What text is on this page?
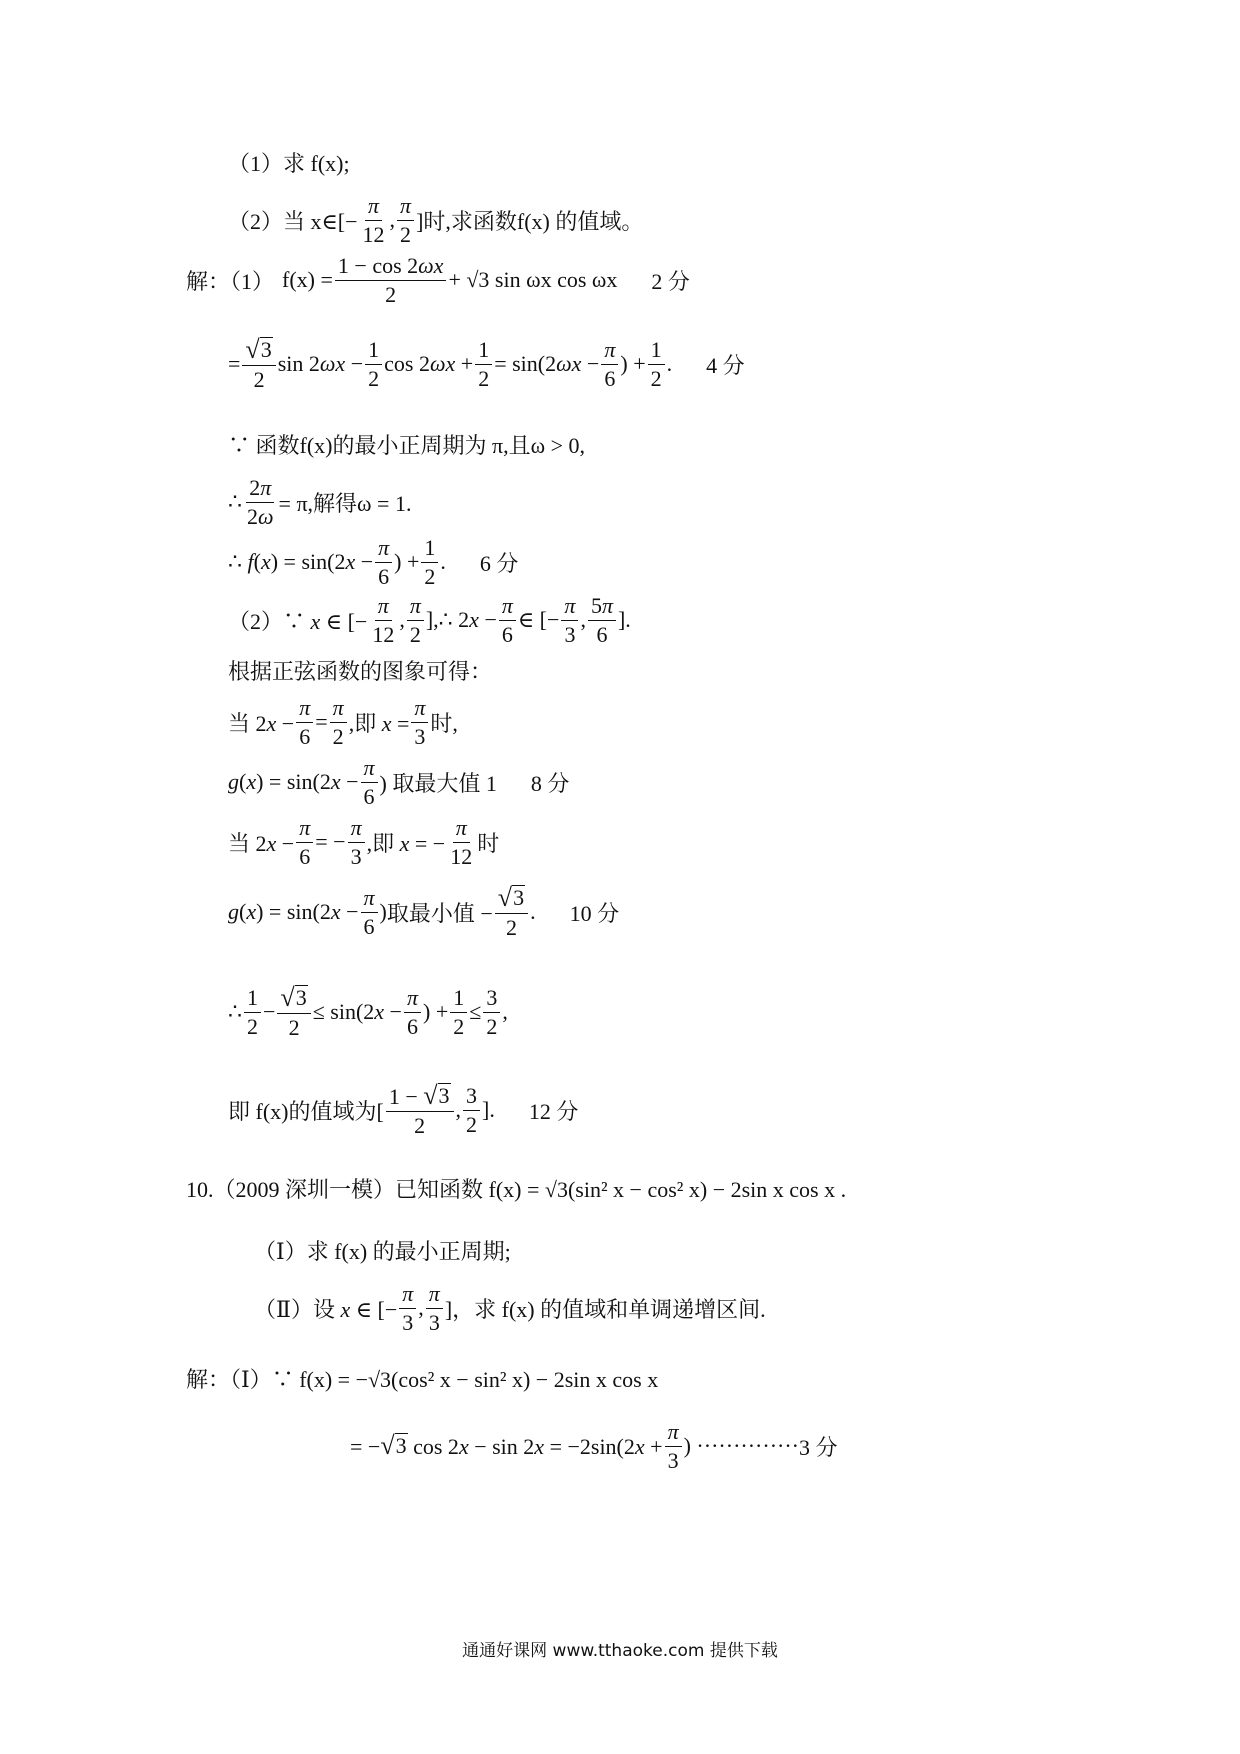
（1）求 f(x);
（2）当 x∈[− $\frac{\pi}{12}$ , $\frac{\pi}{2}$ ]时,求函数f(x) 的值域。
解：（1） $f(x) = \frac{1 - \cos 2\omega x}{2} + √3$ sin ωx cos ωx 2 分
= $\frac{√ 3}{2}$ $\sin 2\omega x - \frac{1}{2}$ $\cos 2\omega x + \frac{1}{2} = \sin(2\omega x - \frac{\pi}{6}$ ) + $\frac{1}{2}$ . 4 分
∵ 函数f(x)的最小正周期为 π,且ω > 0,
∴ $\frac{2\pi}{2\omega} = \pi$,解得ω = 1.
∴ $f(x) = \sin(2x - \frac{\pi}{6}$ ) + $\frac{1}{2}$ . 6 分
（2）∵ x ∈ [− $\frac{\pi}{12}$ , $\frac{\pi}{2}$ ],∴ $2x - \frac{\pi}{6}$ ∈ [− $\frac{\pi}{3}$ , $\frac{5\pi}{6}$ ].
根据正弦函数的图象可得：
当 $2x - \frac{\pi}{6} = \frac{\pi}{2}$ ,即 $x = \frac{\pi}{3}$ 时,
$g(x) = \sin(2x - \frac{\pi}{6}$ ) 取最大值 1 8 分
当 $2x - \frac{\pi}{6}$ = − $\frac{\pi}{3}$ ,即 x = − $\frac{\pi}{12}$ 时
$g(x) = \sin(2x - \frac{\pi}{6}$ ) 取最小值 − $\frac{√ 3}{2}$ . 10 分
∴ $\frac{1}{2} - \frac{√ 3}{2} \le \sin(2x - \frac{\pi}{6}$ ) + $\frac{1}{2} \le \frac{3}{2}$ ,
即 f(x)的值域为[ $\frac{1 - √ 3}{2}$ , $\frac{3}{2}$ ]. 12 分
10.（2009 深圳一模）已知函数 f(x) = √3(sin² x − cos² x) − 2sin x cos x .
（Ⅰ）求 f(x) 的最小正周期;
（Ⅱ）设 x ∈ [− $\frac{\pi}{3}$ , $\frac{\pi}{3}$ ]，求 f(x) 的值域和单调递增区间.
解：（Ⅰ）∵ f(x) = −√3(cos² x − sin² x) − 2sin x cos x
= − √ 3 $\cos 2x - \sin 2x = -2\sin(2x + \frac{\pi}{3}$ ) ·············· 3 分
通通好课网 www.tthaoke.com 提供下载
